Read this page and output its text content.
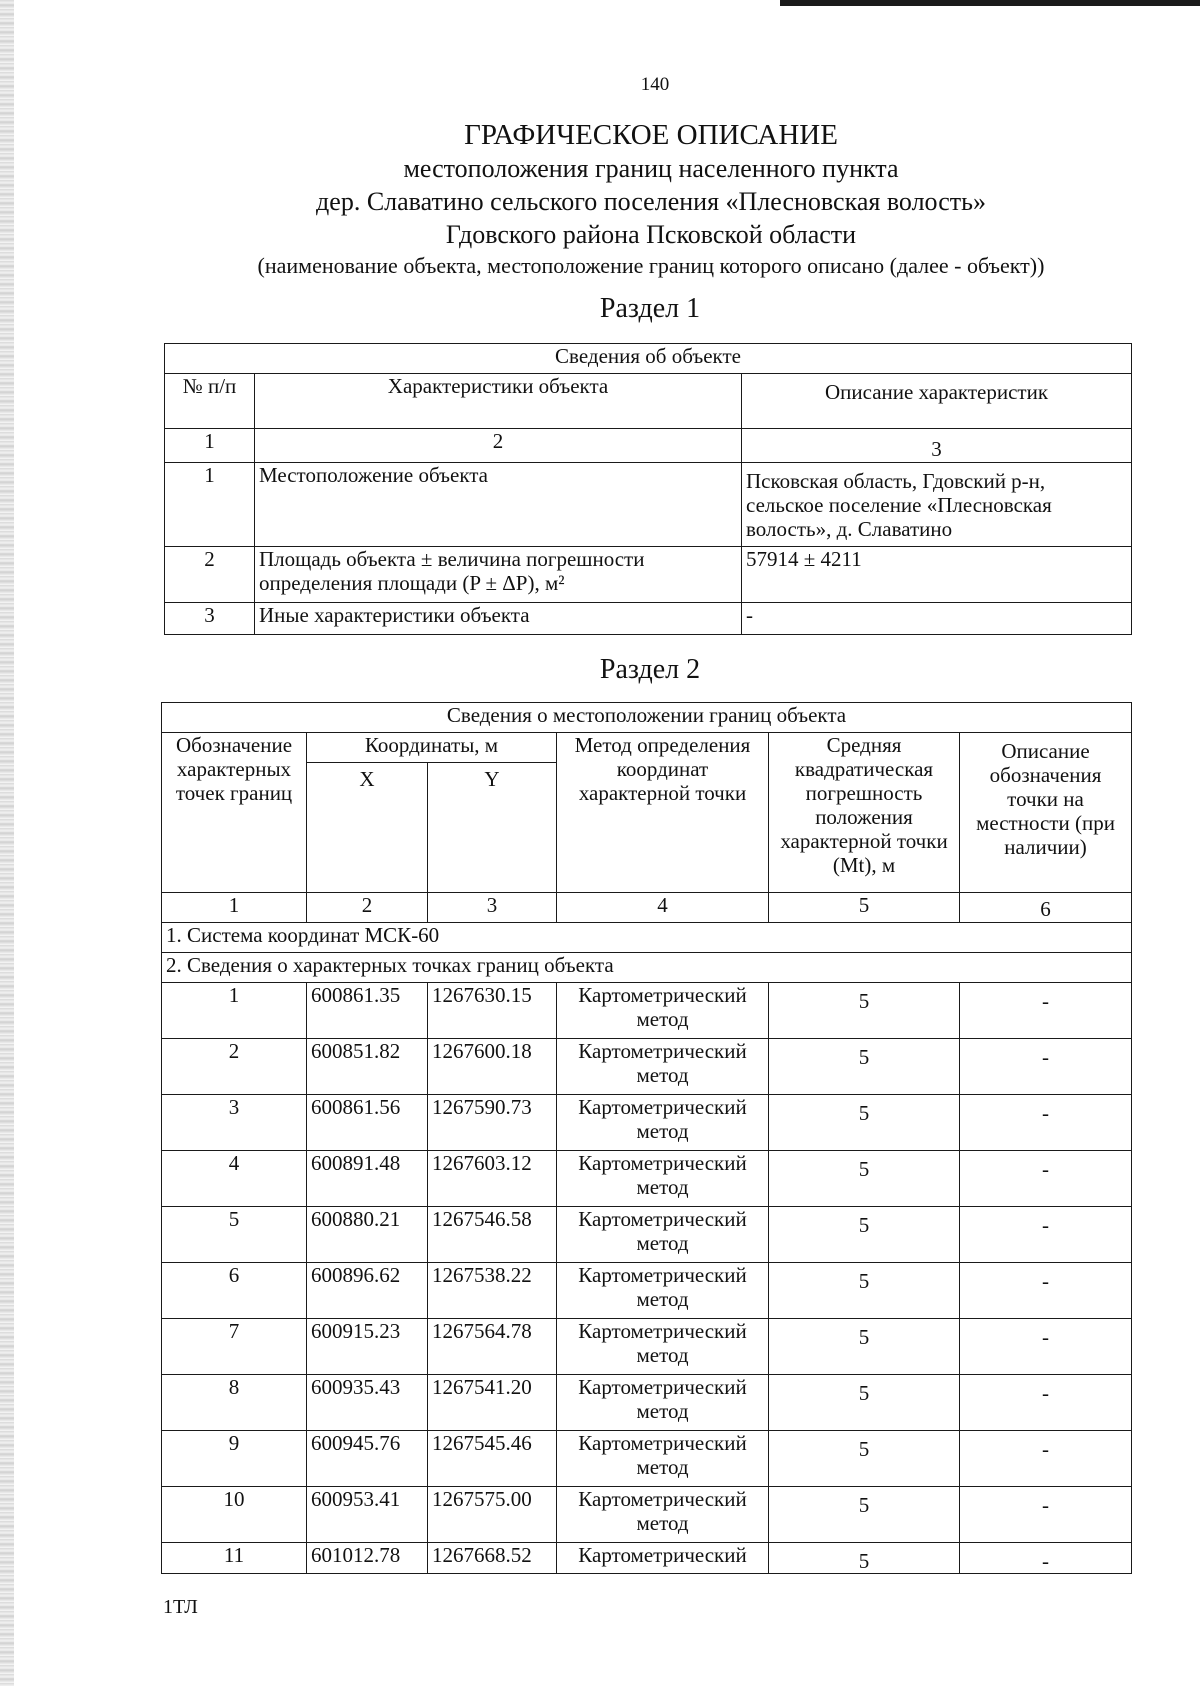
140
ГРАФИЧЕСКОЕ ОПИСАНИЕ
местоположения границ населенного пункта
дер. Славатино сельского поселения «Плесновская волость»
Гдовского района Псковской области
(наименование объекта, местоположение границ которого описано (далее - объект))
Раздел 1
Сведения об объекте		
№ п/п	Характеристики объекта	Описание характеристик
1	2	3
1	Местоположение объекта	Псковская область, Гдовский р-н, сельское поселение «Плесновская волость», д. Славатино
2	Площадь объекта ± величина погрешности определения площади (P ± ΔP), м²	57914 ± 4211
3	Иные характеристики объекта	-
Раздел 2
Сведения о местоположении границ объекта					
Обозначение характерных точек границ	Координаты, м		Метод определения координат характерной точки	Средняя квадратическая погрешность положения характерной точки (Mt), м	Описание обозначения точки на местности (при наличии)
	X	Y			
1	2	3	4	5	6
1. Система координат МСК-60					
2. Сведения о характерных точках границ объекта					
1	600861.35	1267630.15	Картометрический метод	5	-
2	600851.82	1267600.18	Картометрический метод	5	-
3	600861.56	1267590.73	Картометрический метод	5	-
4	600891.48	1267603.12	Картометрический метод	5	-
5	600880.21	1267546.58	Картометрический метод	5	-
6	600896.62	1267538.22	Картометрический метод	5	-
7	600915.23	1267564.78	Картометрический метод	5	-
8	600935.43	1267541.20	Картометрический метод	5	-
9	600945.76	1267545.46	Картометрический метод	5	-
10	600953.41	1267575.00	Картометрический метод	5	-
11	601012.78	1267668.52	Картометрический	5	-
1ТЛ
